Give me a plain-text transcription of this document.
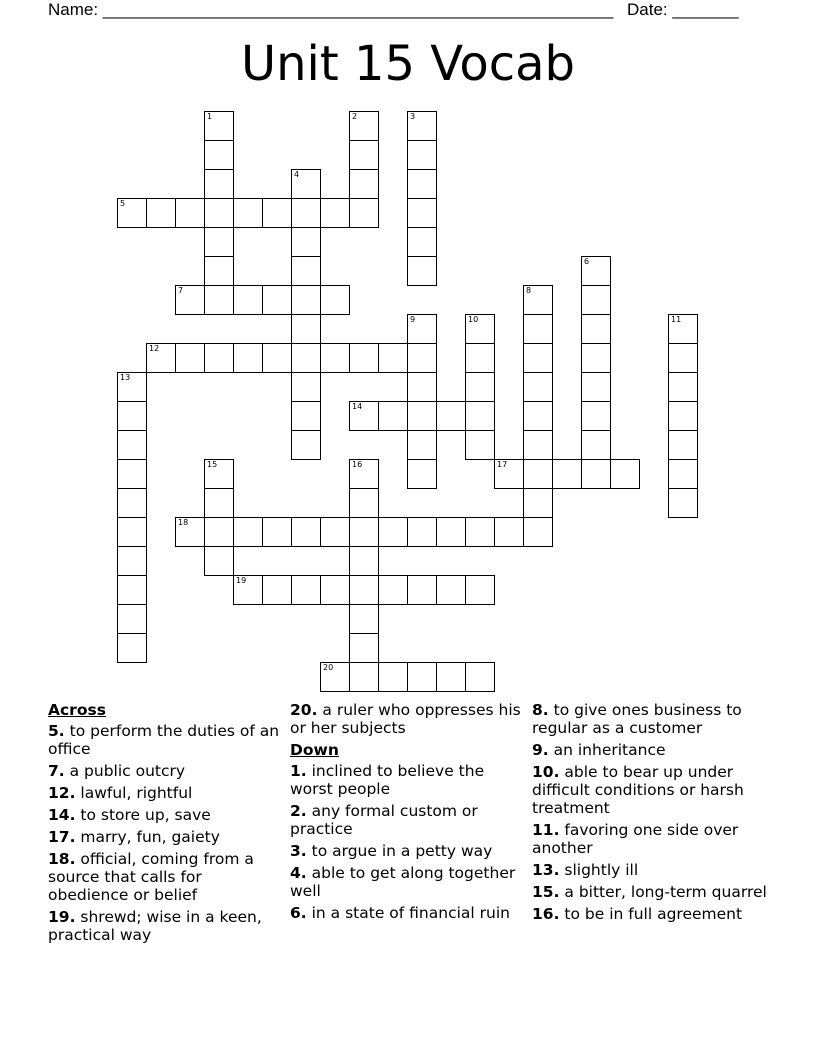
Name: ______________________________________________________ Date: _______
Unit 15 Vocab
1	2	3
4
5
6
7	8
9	10	11
12
13
14
15	16	17
18
19
20
Across
5. to perform the duties of an office
7. a public outcry
12. lawful, rightful
14. to store up, save
17. marry, fun, gaiety
18. official, coming from a source that calls for obedience or belief
19. shrewd; wise in a keen, practical way
20. a ruler who oppresses his or her subjects
Down
1. inclined to believe the worst people
2. any formal custom or practice
3. to argue in a petty way
4. able to get along together well
6. in a state of financial ruin
8. to give ones business to regular as a customer
9. an inheritance
10. able to bear up under difficult conditions or harsh treatment
11. favoring one side over another
13. slightly ill
15. a bitter, long-term quarrel
16. to be in full agreement
